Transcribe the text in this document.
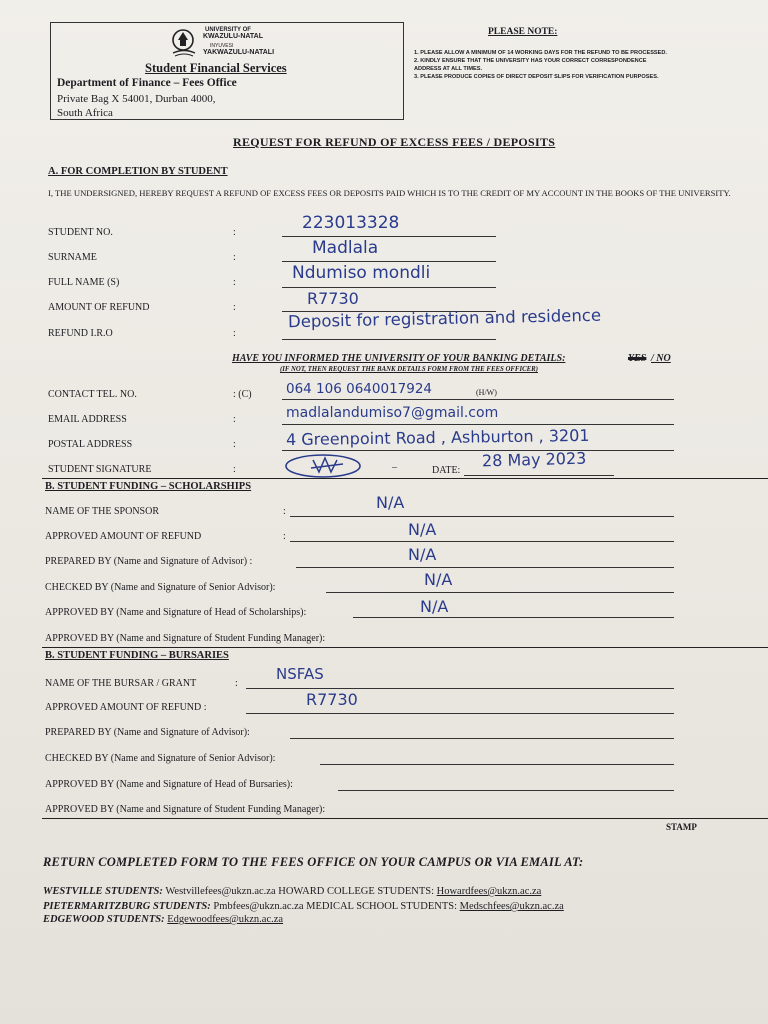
UNIVERSITY OF
KWAZULU-NATAL
INYUVESI
YAKWAZULU-NATALI
Student Financial Services
Department of Finance – Fees Office
Private Bag X 54001, Durban 4000,
South Africa
PLEASE NOTE:
1. PLEASE ALLOW A MINIMUM OF 14 WORKING DAYS FOR THE REFUND TO BE PROCESSED.
2. KINDLY ENSURE THAT THE UNIVERSITY HAS YOUR CORRECT CORRESPONDENCE
ADDRESS AT ALL TIMES.
3. PLEASE PRODUCE COPIES OF DIRECT DEPOSIT SLIPS FOR VERIFICATION PURPOSES.
REQUEST FOR REFUND OF EXCESS FEES / DEPOSITS
A. FOR COMPLETION BY STUDENT
I, THE UNDERSIGNED, HEREBY REQUEST A REFUND OF EXCESS FEES OR DEPOSITS PAID WHICH IS TO THE CREDIT OF MY ACCOUNT IN THE BOOKS OF THE UNIVERSITY.
STUDENT NO.	:	223013328
SURNAME	:	Madlala
FULL NAME (S)	:	Ndumiso mondli
AMOUNT OF REFUND	:	R7730
REFUND I.R.O	:
Deposit for registration and residence
HAVE YOU INFORMED THE UNIVERSITY OF YOUR BANKING DETAILS:	YES / NO
(IF NOT, THEN REQUEST THE BANK DETAILS FORM FROM THE FEES OFFICER)
CONTACT TEL. NO.	: (C)	064 106 0640017924	(H/W)
EMAIL ADDRESS	:	madlalandumiso7@gmail.com
POSTAL ADDRESS	:	4 Greenpoint Road , Ashburton , 3201
STUDENT SIGNATURE	:	–	DATE:
28 May 2023
B. STUDENT FUNDING – SCHOLARSHIPS
NAME OF THE SPONSOR	:	N/A
APPROVED AMOUNT OF REFUND	:	N/A
PREPARED BY (Name and Signature of Advisor) :	N/A
CHECKED BY (Name and Signature of Senior Advisor):	N/A
APPROVED BY (Name and Signature of Head of Scholarships):	N/A
APPROVED BY (Name and Signature of Student Funding Manager):
B. STUDENT FUNDING – BURSARIES
NAME OF THE BURSAR / GRANT	:
NSFAS
APPROVED AMOUNT OF REFUND :	R7730
PREPARED BY (Name and Signature of Advisor):
CHECKED BY (Name and Signature of Senior Advisor):
APPROVED BY (Name and Signature of Head of Bursaries):
APPROVED BY (Name and Signature of Student Funding Manager):
STAMP
RETURN COMPLETED FORM TO THE FEES OFFICE ON YOUR CAMPUS OR VIA EMAIL AT:
WESTVILLE STUDENTS: Westvillefees@ukzn.ac.za HOWARD COLLEGE STUDENTS: Howardfees@ukzn.ac.za
PIETERMARITZBURG STUDENTS: Pmbfees@ukzn.ac.za MEDICAL SCHOOL STUDENTS: Medschfees@ukzn.ac.za
EDGEWOOD STUDENTS: Edgewoodfees@ukzn.ac.za
